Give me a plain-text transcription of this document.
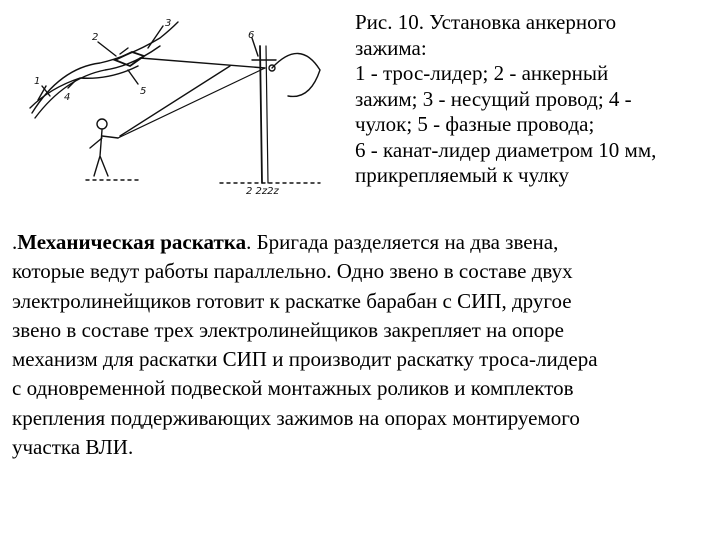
1
2
3
4
5
6
2 2z2z
Рис. 10. Установка анкерного
зажима:
1 - трос-лидер; 2 - анкерный
зажим; 3 - несущий провод; 4 -
чулок; 5 - фазные провода;
6 - канат-лидер диаметром 10 мм,
прикрепляемый к чулку
.Механическая раскатка. Бригада разделяется на два звена,
которые ведут работы параллельно. Одно звено в составе двух
электролинейщиков готовит к раскатке барабан с СИП, другое
звено в составе трех электролинейщиков закрепляет на опоре
механизм для раскатки СИП и производит раскатку троса-лидера
с одновременной подвеской монтажных роликов и комплектов
крепления поддерживающих зажимов на опорах монтируемого
участка ВЛИ.
